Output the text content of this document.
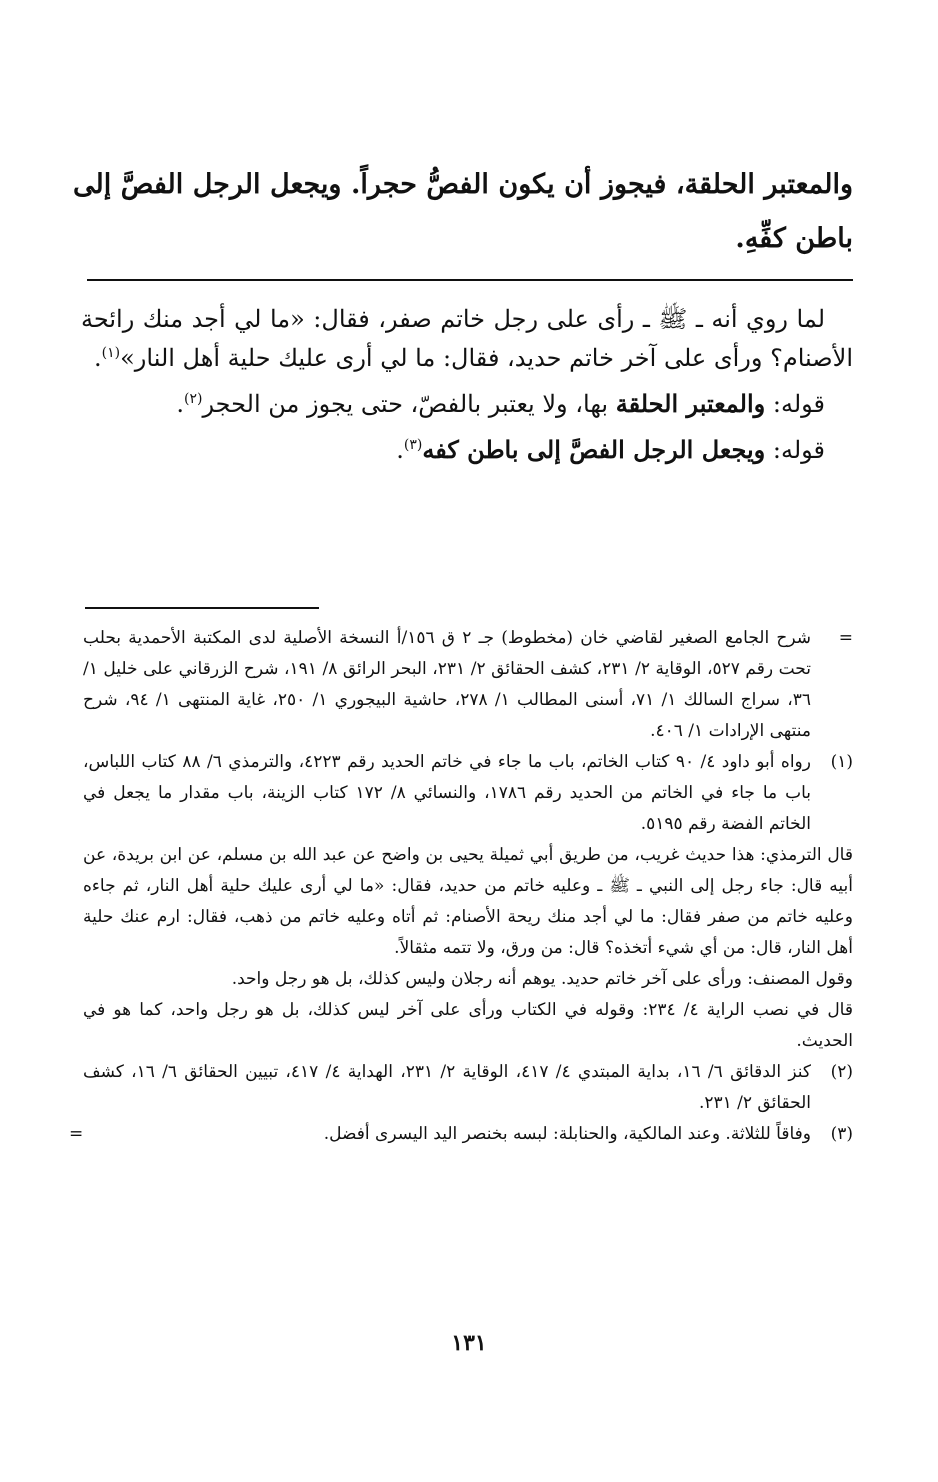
والمعتبر الحلقة، فيجوز أن يكون الفصُّ حجراً. ويجعل الرجل الفصَّ إلى باطن كفِّهِ.

لما روي أنه ـ ﷺ ـ رأى على رجل خاتم صفر، فقال: «ما لي أجد منك رائحة الأصنام؟ ورأى على آخر خاتم حديد، فقال: ما لي أرى عليك حلية أهل النار»$^{(١)}$.

قوله: والمعتبر الحلقة بها، ولا يعتبر بالفصّ، حتى يجوز من الحجر$^{(٢)}$.

قوله: ويجعل الرجل الفصَّ إلى باطن كفه$^{(٣)}$.

=

شرح الجامع الصغير لقاضي خان (مخطوط) جـ ٢ ق ١٥٦/أ النسخة الأصلية لدى المكتبة الأحمدية بحلب تحت رقم ٥٢٧، الوقاية ٢/ ٢٣١، كشف الحقائق ٢/ ٢٣١، البحر الرائق ٨/ ١٩١، شرح الزرقاني على خليل ١/ ٣٦، سراج السالك ١/ ٧١، أسنى المطالب ١/ ٢٧٨، حاشية البيجوري ١/ ٢٥٠، غاية المنتهى ١/ ٩٤، شرح منتهى الإرادات ١/ ٤٠٦.

(١)

رواه أبو داود ٤/ ٩٠ كتاب الخاتم، باب ما جاء في خاتم الحديد رقم ٤٢٢٣، والترمذي ٦/ ٨٨ كتاب اللباس، باب ما جاء في الخاتم من الحديد رقم ١٧٨٦، والنسائي ٨/ ١٧٢ كتاب الزينة، باب مقدار ما يجعل في الخاتم الفضة رقم ٥١٩٥.

قال الترمذي: هذا حديث غريب، من طريق أبي ثميلة يحيى بن واضح عن عبد الله بن مسلم، عن ابن بريدة، عن أبيه قال: جاء رجل إلى النبي ـ ﷺ ـ وعليه خاتم من حديد، فقال: «ما لي أرى عليك حلية أهل النار، ثم جاءه وعليه خاتم من صفر فقال: ما لي أجد منك ريحة الأصنام: ثم أتاه وعليه خاتم من ذهب، فقال: ارم عنك حلية أهل النار، قال: من أي شيء أتخذه؟ قال: من ورق، ولا تتمه مثقالاً.

وقول المصنف: ورأى على آخر خاتم حديد. يوهم أنه رجلان وليس كذلك، بل هو رجل واحد.

قال في نصب الراية ٤/ ٢٣٤: وقوله في الكتاب ورأى على آخر ليس كذلك، بل هو رجل واحد، كما هو في الحديث.

(٢)

كنز الدقائق ٦/ ١٦، بداية المبتدي ٤/ ٤١٧، الوقاية ٢/ ٢٣١، الهداية ٤/ ٤١٧، تبيين الحقائق ٦/ ١٦، كشف الحقائق ٢/ ٢٣١.

(٣)

وفاقاً للثلاثة. وعند المالكية، والحنابلة: لبسه بخنصر اليد اليسرى أفضل.

=
١٣١
